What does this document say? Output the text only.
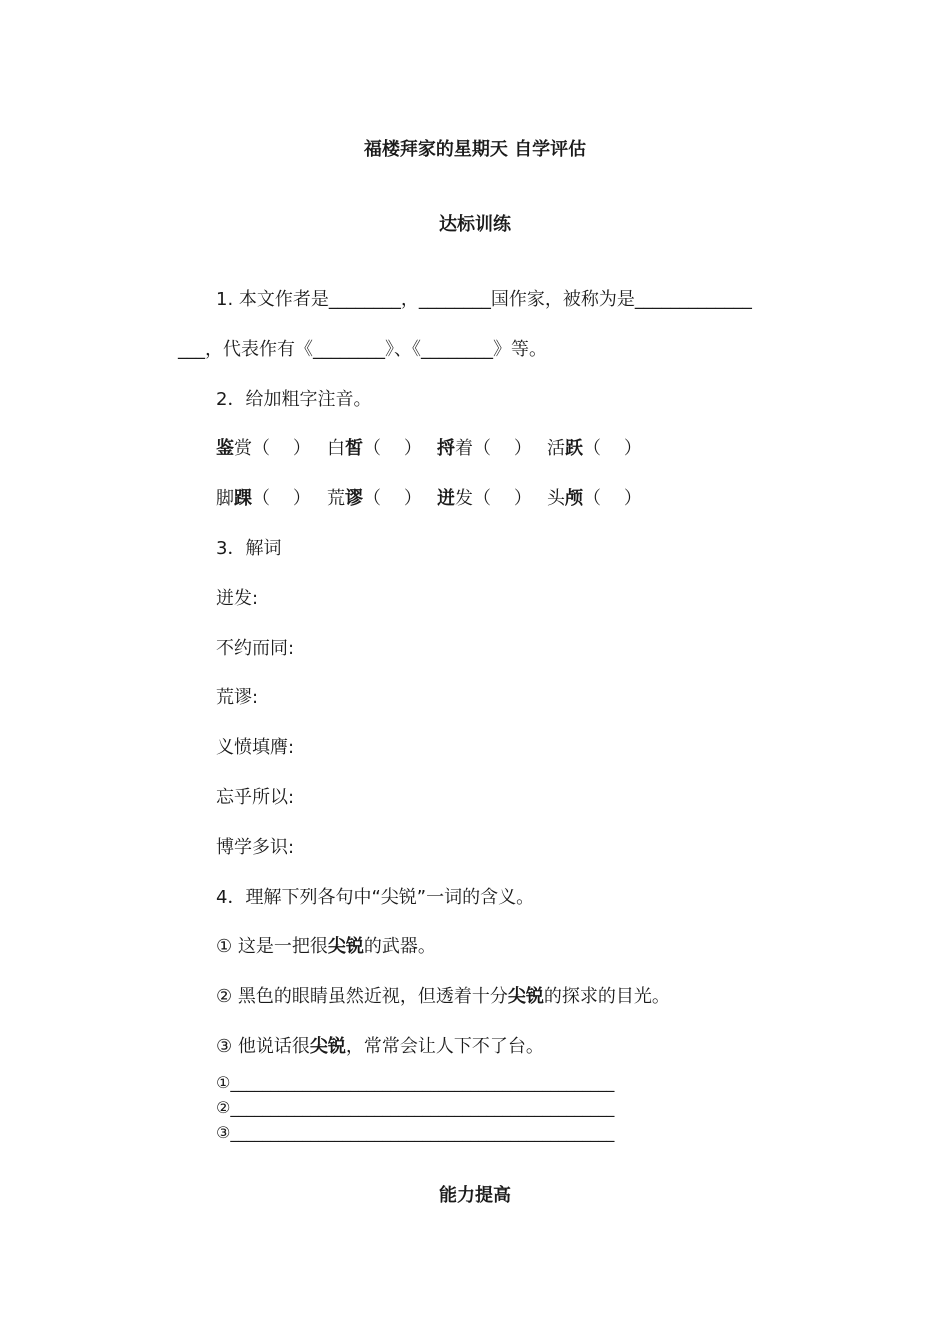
福楼拜家的星期天 自学评估
达标训练
1. 本文作者是________，________国作家，被称为是_____________
___，代表作有《________》、《________》等。
2．给加粗字注音。
鉴赏（    ） 白皙（    ） 捋着（    ） 活跃（    ）
脚踝（    ） 荒谬（    ） 迸发（    ） 头颅（    ）
3．解词
迸发:
不约而同:
荒谬:
义愤填膺:
忘乎所以:
博学多识:
4．理解下列各句中“尖锐”一词的含义。
① 这是一把很尖锐的武器。
② 黑色的眼睛虽然近视，但透着十分尖锐的探求的目光。
③ 他说话很尖锐，常常会让人下不了台。
①________________________________________________
②________________________________________________
③________________________________________________
能力提高
